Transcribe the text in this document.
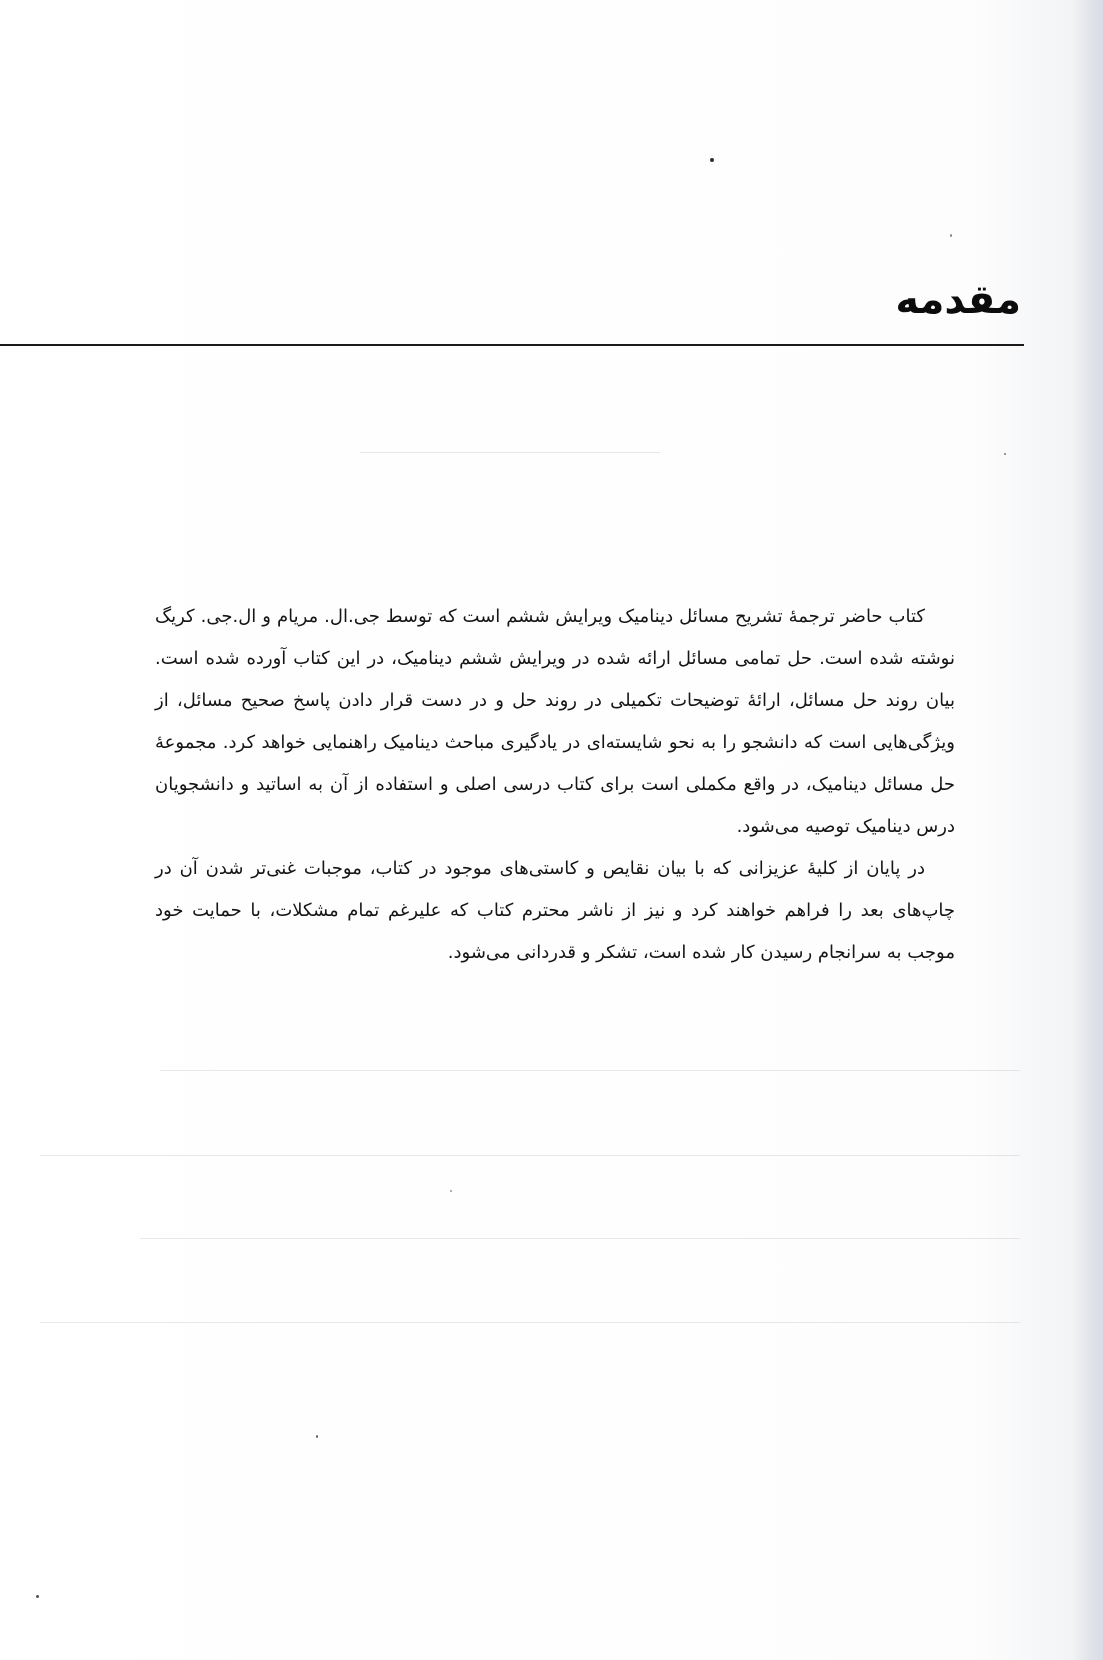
مقدمه

کتاب حاضر ترجمهٔ تشریح مسائل دینامیک ویرایش ششم است که توسط جی.ال. مریام و ال.جی. کریگ نوشته شده است. حل تمامی مسائل ارائه شده در ویرایش ششم دینامیک، در این کتاب آورده شده است. بیان روند حل مسائل، ارائهٔ توضیحات تکمیلی در روند حل و در دست قرار دادن پاسخ صحیح مسائل، از ویژگی‌هایی است که دانشجو را به نحو شایسته‌ای در یادگیری مباحث دینامیک راهنمایی خواهد کرد. مجموعهٔ حل مسائل دینامیک، در واقع مکملی است برای کتاب درسی اصلی و استفاده از آن به اساتید و دانشجویان درس دینامیک توصیه می‌شود.

در پایان از کلیهٔ عزیزانی که با بیان نقایص و کاستی‌های موجود در کتاب، موجبات غنی‌تر شدن آن در چاپ‌های بعد را فراهم خواهند کرد و نیز از ناشر محترم کتاب که علیرغم تمام مشکلات، با حمایت خود موجب به سرانجام رسیدن کار شده است، تشکر و قدردانی می‌شود.
